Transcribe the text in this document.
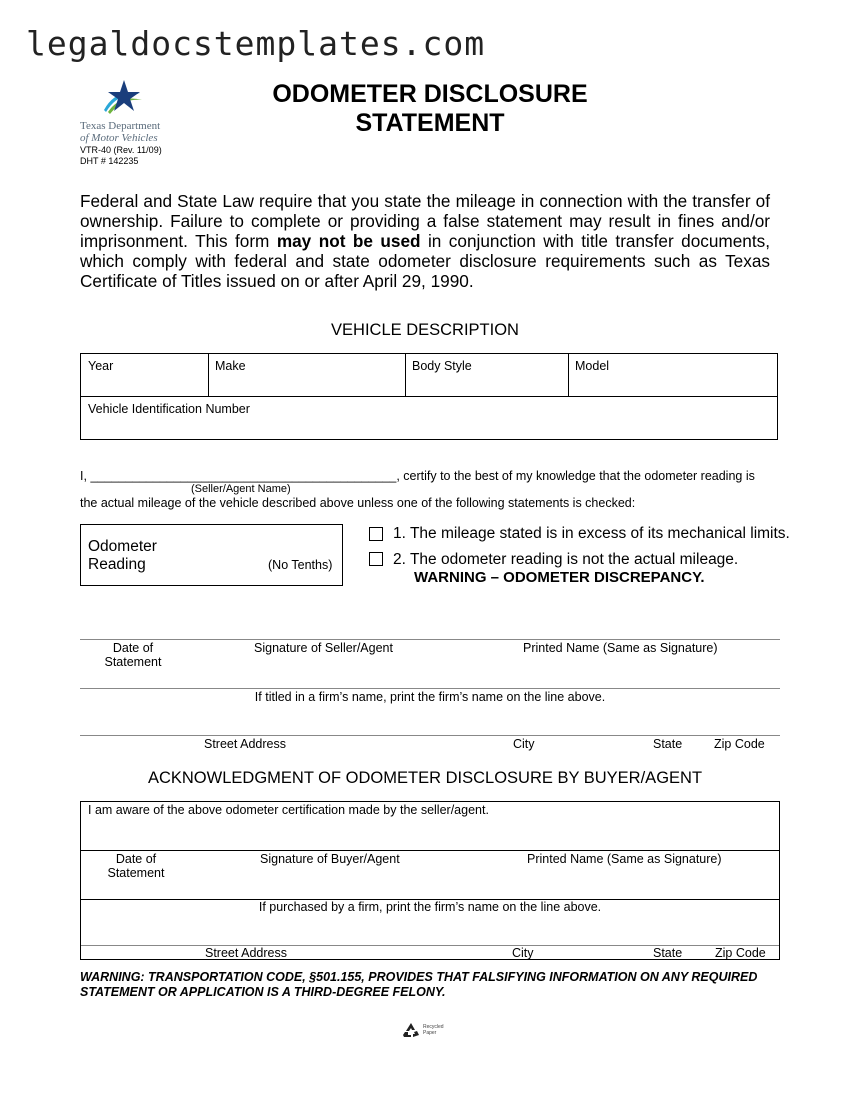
legaldocstemplates.com
Texas Department
of Motor Vehicles
VTR-40 (Rev. 11/09)
DHT # 142235
ODOMETER DISCLOSURE
STATEMENT

Federal and State Law require that you state the mileage in connection with the transfer of ownership. Failure to complete or providing a false statement may result in fines and/or imprisonment. This form may not be used in conjunction with title transfer documents, which comply with federal and state odometer disclosure requirements such as Texas Certificate of Titles issued on or after April 29, 1990.

VEHICLE DESCRIPTION
Year	Make	Body Style	Model
Vehicle Identification Number
I, ____________________________________________, certify to the best of my knowledge that the odometer reading is
(Seller/Agent Name)
the actual mileage of the vehicle described above unless one of the following statements is checked:
Odometer
Reading	(No Tenths)
1. The mileage stated is in excess of its mechanical limits.
2. The odometer reading is not the actual mileage.
WARNING – ODOMETER DISCREPANCY.
Date of
Statement
Signature of Seller/Agent	Printed Name (Same as Signature)
If titled in a firm’s name, print the firm’s name on the line above.
Street Address	City	State	Zip Code
ACKNOWLEDGMENT OF ODOMETER DISCLOSURE BY BUYER/AGENT
I am aware of the above odometer certification made by the seller/agent.
Date of
Statement
Signature of Buyer/Agent	Printed Name (Same as Signature)
If purchased by a firm, print the firm’s name on the line above.
Street Address	City	State	Zip Code
WARNING: TRANSPORTATION CODE, §501.155, PROVIDES THAT FALSIFYING INFORMATION ON ANY REQUIRED STATEMENT OR APPLICATION IS A THIRD-DEGREE FELONY.
Recycled
Paper
